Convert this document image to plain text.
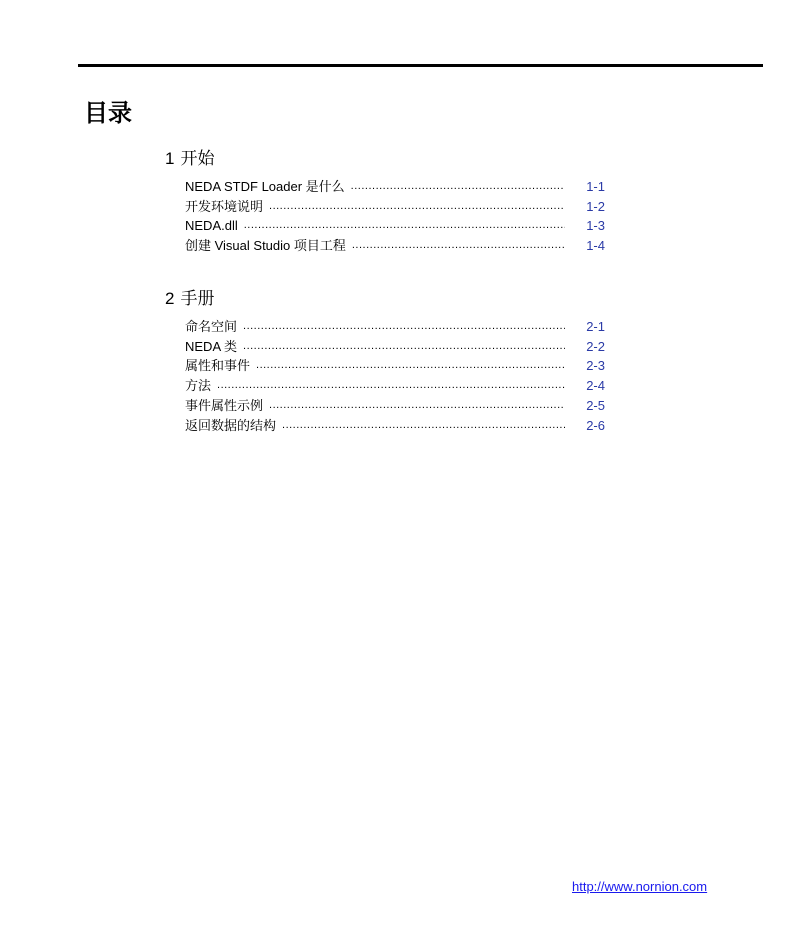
目录
1 开始
NEDA STDF Loader 是什么 .....	1-1
开发环境说明 .....	1-2
NEDA.dll .....	1-3
创建 Visual Studio 项目工程 .....	1-4
2 手册
命名空间 .....	2-1
NEDA 类 .....	2-2
属性和事件 .....	2-3
方法 .....	2-4
事件属性示例 .....	2-5
返回数据的结构 .....	2-6
http://www.nornion.com
